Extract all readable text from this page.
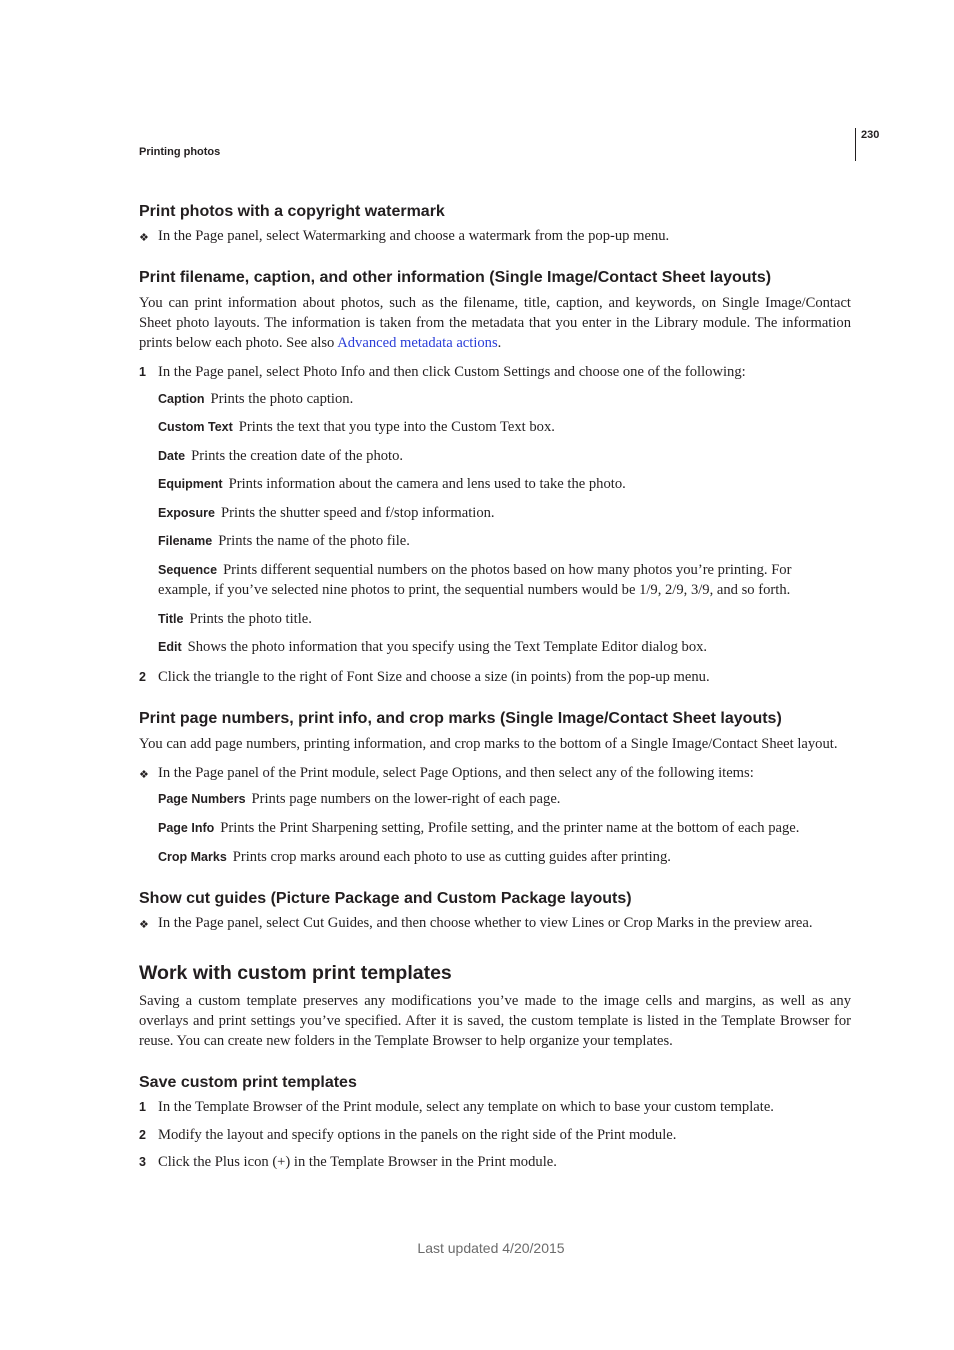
Printing photos
230
Print photos with a copyright watermark
❖ In the Page panel, select Watermarking and choose a watermark from the pop-up menu.
Print filename, caption, and other information (Single Image/Contact Sheet layouts)
You can print information about photos, such as the filename, title, caption, and keywords, on Single Image/Contact Sheet photo layouts. The information is taken from the metadata that you enter in the Library module. The information prints below each photo. See also Advanced metadata actions.
1 In the Page panel, select Photo Info and then click Custom Settings and choose one of the following:
Caption Prints the photo caption.
Custom Text Prints the text that you type into the Custom Text box.
Date Prints the creation date of the photo.
Equipment Prints information about the camera and lens used to take the photo.
Exposure Prints the shutter speed and f/stop information.
Filename Prints the name of the photo file.
Sequence Prints different sequential numbers on the photos based on how many photos you’re printing. For example, if you’ve selected nine photos to print, the sequential numbers would be 1/9, 2/9, 3/9, and so forth.
Title Prints the photo title.
Edit Shows the photo information that you specify using the Text Template Editor dialog box.
2 Click the triangle to the right of Font Size and choose a size (in points) from the pop-up menu.
Print page numbers, print info, and crop marks (Single Image/Contact Sheet layouts)
You can add page numbers, printing information, and crop marks to the bottom of a Single Image/Contact Sheet layout.
❖ In the Page panel of the Print module, select Page Options, and then select any of the following items:
Page Numbers Prints page numbers on the lower-right of each page.
Page Info Prints the Print Sharpening setting, Profile setting, and the printer name at the bottom of each page.
Crop Marks Prints crop marks around each photo to use as cutting guides after printing.
Show cut guides (Picture Package and Custom Package layouts)
❖ In the Page panel, select Cut Guides, and then choose whether to view Lines or Crop Marks in the preview area.
Work with custom print templates
Saving a custom template preserves any modifications you’ve made to the image cells and margins, as well as any overlays and print settings you’ve specified. After it is saved, the custom template is listed in the Template Browser for reuse. You can create new folders in the Template Browser to help organize your templates.
Save custom print templates
1 In the Template Browser of the Print module, select any template on which to base your custom template.
2 Modify the layout and specify options in the panels on the right side of the Print module.
3 Click the Plus icon (+) in the Template Browser in the Print module.
Last updated 4/20/2015
